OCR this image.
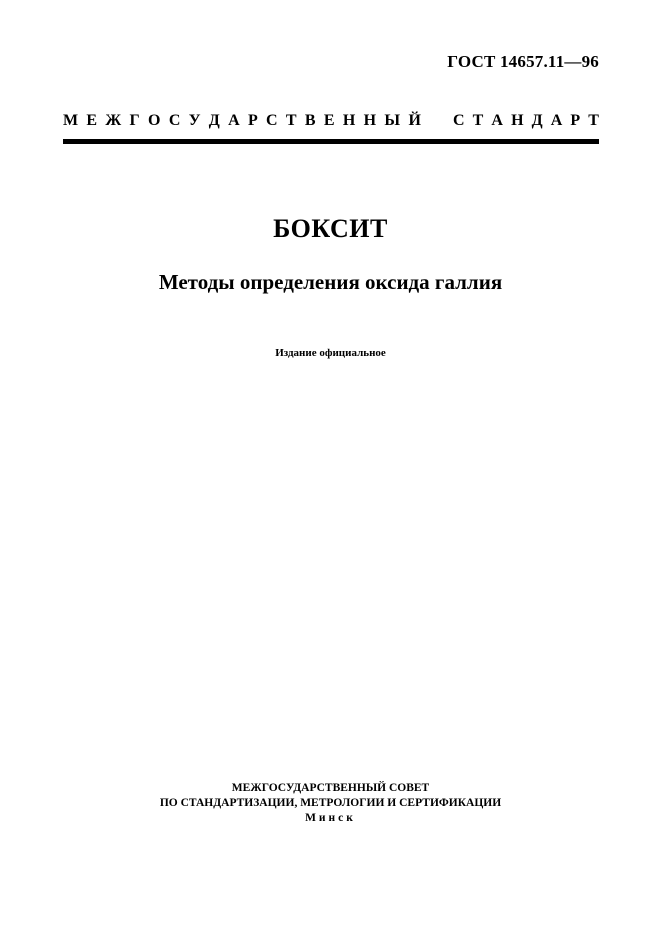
ГОСТ 14657.11—96
М Е Ж Г О С У Д А Р С Т В Е Н Н Ы Й С Т А Н Д А Р Т
БОКСИТ
Методы определения оксида галлия
Издание официальное
МЕЖГОСУДАРСТВЕННЫЙ СОВЕТ
ПО СТАНДАРТИЗАЦИИ, МЕТРОЛОГИИ И СЕРТИФИКАЦИИ
Минск
